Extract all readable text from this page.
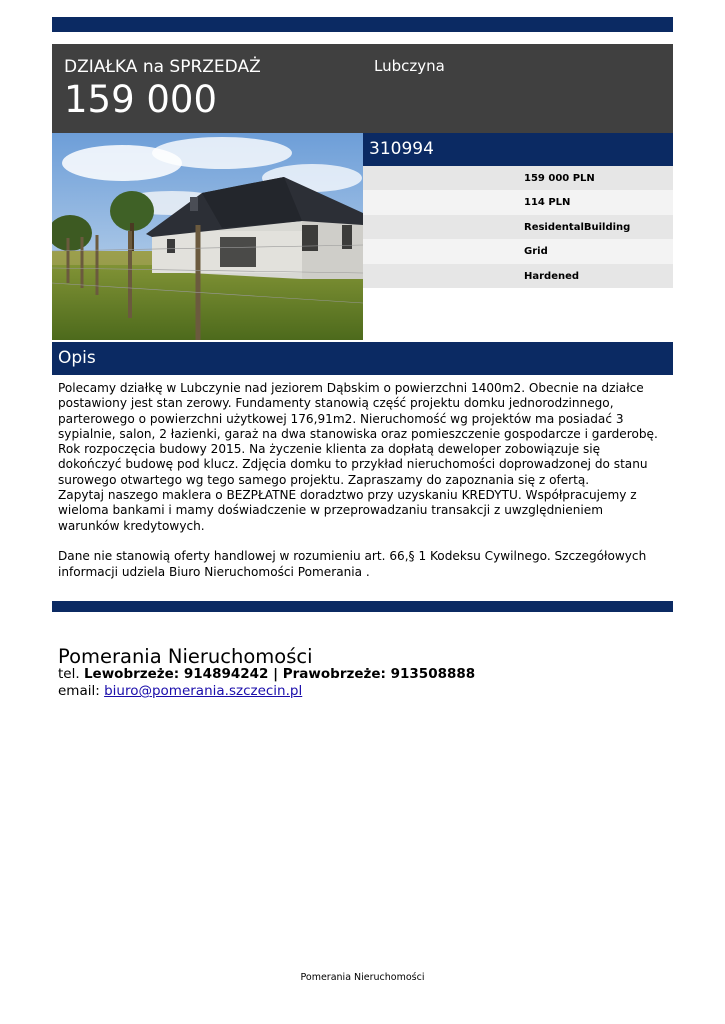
DZIAŁKA na SPRZEDAŻ
159 000
Lubczyna
310994
159 000 PLN
114 PLN
ResidentalBuilding
Grid
Hardened
Opis

Polecamy działkę w Lubczynie nad jeziorem Dąbskim o powierzchni 1400m2. Obecnie na działce
postawiony jest stan zerowy. Fundamenty stanowią część projektu domku jednorodzinnego,
parterowego o powierzchni użytkowej 176,91m2. Nieruchomość wg projektów ma posiadać 3
sypialnie, salon, 2 łazienki, garaż na dwa stanowiska oraz pomieszczenie gospodarcze i garderobę.
Rok rozpoczęcia budowy 2015. Na życzenie klienta za dopłatą deweloper zobowiązuje się
dokończyć budowę pod klucz. Zdjęcia domku to przykład nieruchomości doprowadzonej do stanu
surowego otwartego wg tego samego projektu. Zapraszamy do zapoznania się z ofertą.
Zapytaj naszego maklera o BEZPŁATNE doradztwo przy uzyskaniu KREDYTU. Współpracujemy z
wieloma bankami i mamy doświadczenie w przeprowadzaniu transakcji z uwzględnieniem
warunków kredytowych.

Dane nie stanowią oferty handlowej w rozumieniu art. 66,§ 1 Kodeksu Cywilnego. Szczegółowych
informacji udziela Biuro Nieruchomości Pomerania .

Pomerania Nieruchomości
tel. Lewobrzeże: 914894242 | Prawobrzeże: 913508888
email: biuro@pomerania.szczecin.pl
Pomerania Nieruchomości
